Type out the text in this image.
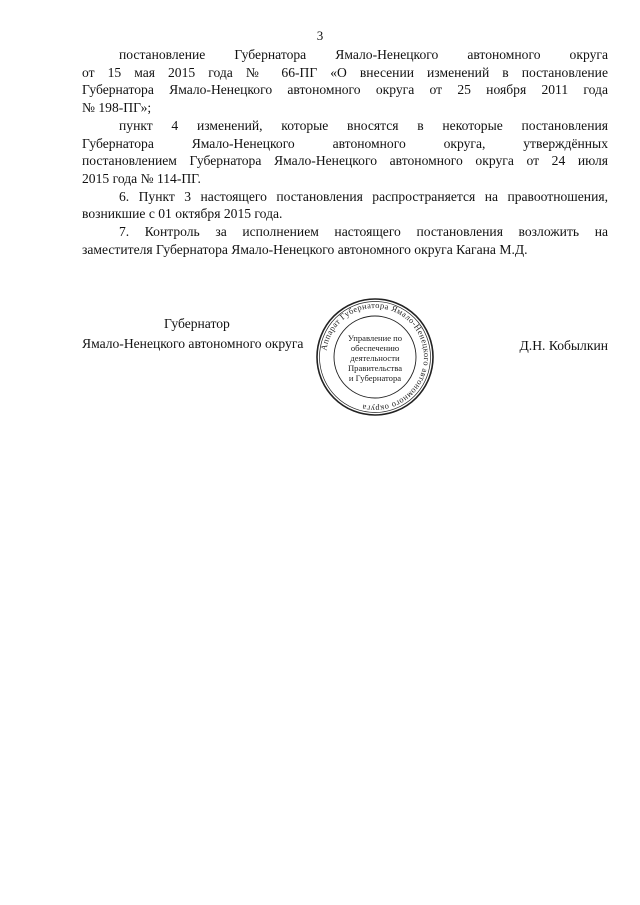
3

постановление Губернатора Ямало-Ненецкого автономного округа
от 15 мая 2015 года № 66-ПГ «О внесении изменений в постановление
Губернатора Ямало-Ненецкого автономного округа от 25 ноября 2011 года
№ 198-ПГ»;

пункт 4 изменений, которые вносятся в некоторые постановления
Губернатора Ямало-Ненецкого автономного округа, утверждённых
постановлением Губернатора Ямало-Ненецкого автономного округа от 24 июля
2015 года № 114-ПГ.

6. Пункт 3 настоящего постановления распространяется на правоотношения,
возникшие с 01 октября 2015 года.

7. Контроль за исполнением настоящего постановления возложить на
заместителя Губернатора Ямало-Ненецкого автономного округа Кагана М.Д.

Губернатор
Ямало-Ненецкого автономного округа	Д.Н. Кобылкин
Аппарат Губернатора Ямало-Ненецкого автономного округа
Управление по
обеспечению
деятельности
Правительства
и Губернатора
